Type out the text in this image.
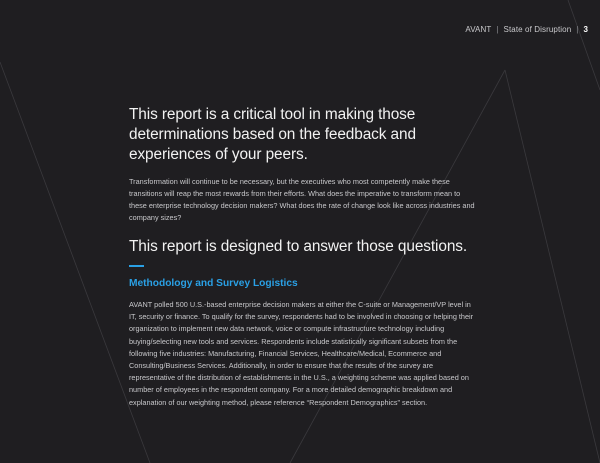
AVANT | State of Disruption | 3
This report is a critical tool in making those determinations based on the feedback and experiences of your peers.

Transformation will continue to be necessary, but the executives who most competently make these transitions will reap the most rewards from their efforts. What does the imperative to transform mean to these enterprise technology decision makers? What does the rate of change look like across industries and company sizes?

This report is designed to answer those questions.
Methodology and Survey Logistics

AVANT polled 500 U.S.-based enterprise decision makers at either the C-suite or Management/VP level in IT, security or finance. To qualify for the survey, respondents had to be involved in choosing or helping their organization to implement new data network, voice or compute infrastructure technology including buying/selecting new tools and services. Respondents include statistically significant subsets from the following five industries: Manufacturing, Financial Services, Healthcare/Medical, Ecommerce and Consulting/Business Services. Additionally, in order to ensure that the results of the survey are representative of the distribution of establishments in the U.S., a weighting scheme was applied based on number of employees in the respondent company. For a more detailed demographic breakdown and explanation of our weighting method, please reference “Respondent Demographics” section.
